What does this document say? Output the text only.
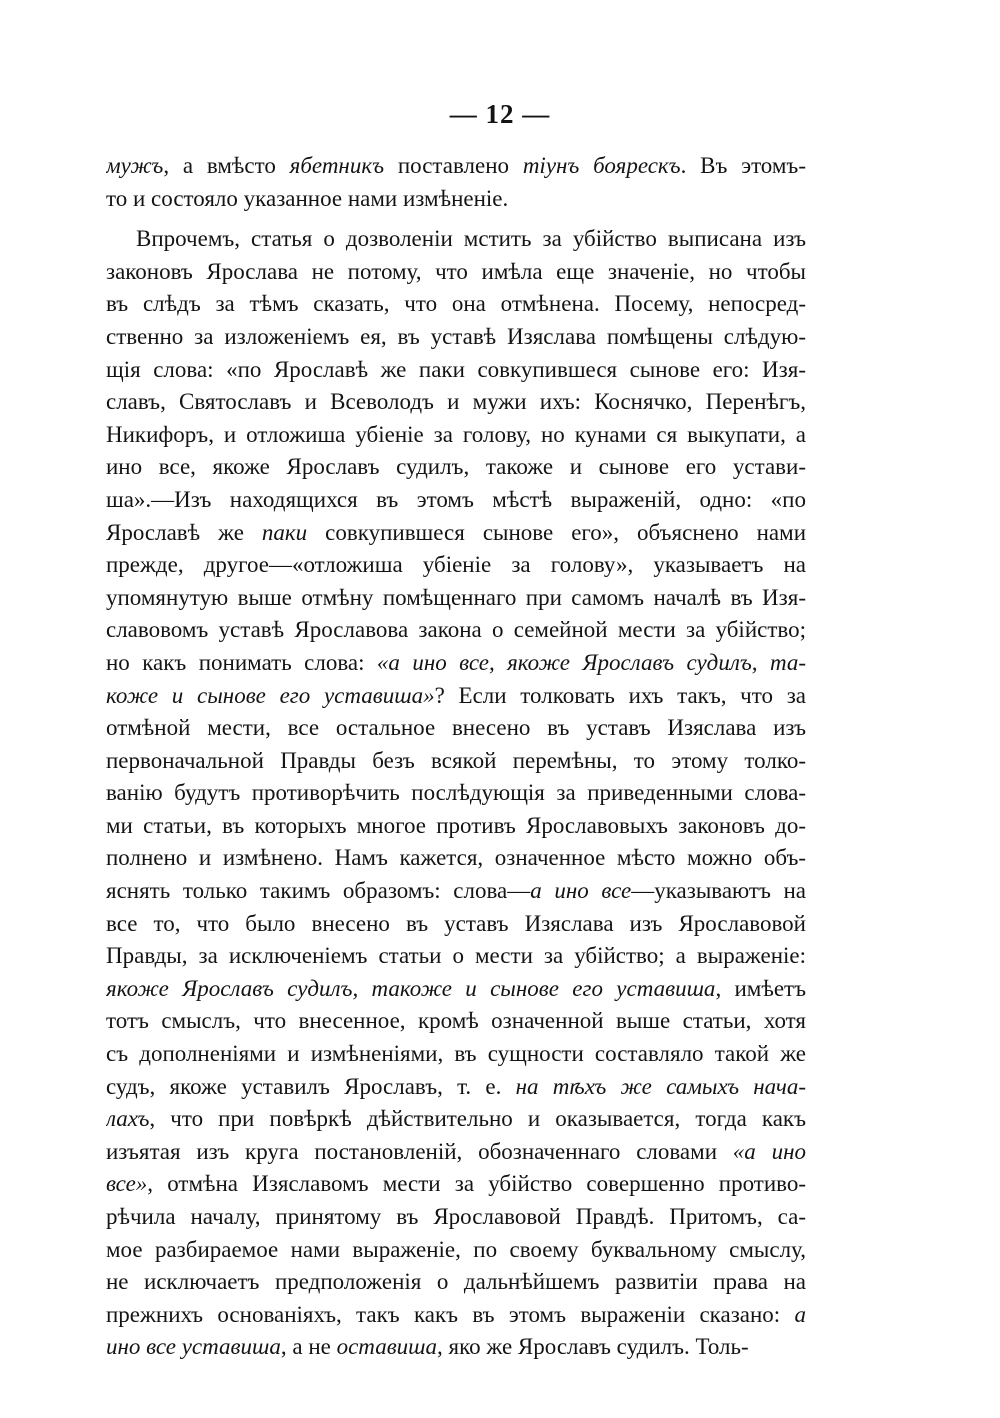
— 12 —
мужъ, а вмѣсто ябетникъ поставлено тіунъ боярескъ. Въ этомъ-
то и состояло указанное нами измѣненіе.
Впрочемъ, статья о дозволеніи мстить за убійство выписана изъ
законовъ Ярослава не потому, что имѣла еще значеніе, но чтобы
въ слѣдъ за тѣмъ сказать, что она отмѣнена. Посему, непосред-
ственно за изложеніемъ ея, въ уставѣ Изяслава помѣщены слѣдую-
щія слова: «по Ярославѣ же паки совкупившеся сынове его: Изя-
славъ, Святославъ и Всеволодъ и мужи ихъ: Коснячко, Перенѣгъ,
Никифоръ, и отложиша убіеніе за голову, но кунами ся выкупати, а
ино все, якоже Ярославъ судилъ, такоже и сынове его устави-
ша».—Изъ находящихся въ этомъ мѣстѣ выраженій, одно: «по
Ярославѣ же паки совкупившеся сынове его», объяснено нами
прежде, другое—«отложиша убіеніе за голову», указываетъ на
упомянутую выше отмѣну помѣщеннаго при самомъ началѣ въ Изя-
славовомъ уставѣ Ярославова закона о семейной мести за убійство;
но какъ понимать слова: «а ино все, якоже Ярославъ судилъ, та-
коже и сынове его уставиша»? Если толковать ихъ такъ, что за
отмѣной мести, все остальное внесено въ уставъ Изяслава изъ
первоначальной Правды безъ всякой перемѣны, то этому толко-
ванію будутъ противорѣчить послѣдующія за приведенными слова-
ми статьи, въ которыхъ многое противъ Ярославовыхъ законовъ до-
полнено и измѣнено. Намъ кажется, означенное мѣсто можно объ-
яснять только такимъ образомъ: слова—а ино все—указываютъ на
все то, что было внесено въ уставъ Изяслава изъ Ярославовой
Правды, за исключеніемъ статьи о мести за убійство; а выраженіе:
якоже Ярославъ судилъ, такоже и сынове его уставиша, имѣетъ
тотъ смыслъ, что внесенное, кромѣ означенной выше статьи, хотя
съ дополненіями и измѣненіями, въ сущности составляло такой же
судъ, якоже уставилъ Ярославъ, т. е. на тѣхъ же самыхъ нача-
лахъ, что при повѣркѣ дѣйствительно и оказывается, тогда какъ
изъятая изъ круга постановленій, обозначеннаго словами «а ино
все», отмѣна Изяславомъ мести за убійство совершенно противо-
рѣчила началу, принятому въ Ярославовой Правдѣ. Притомъ, са-
мое разбираемое нами выраженіе, по своему буквальному смыслу,
не исключаетъ предположенія о дальнѣйшемъ развитіи права на
прежнихъ основаніяхъ, такъ какъ въ этомъ выраженіи сказано: а
ино все уставиша, а не оставиша, яко же Ярославъ судилъ. Толь-
